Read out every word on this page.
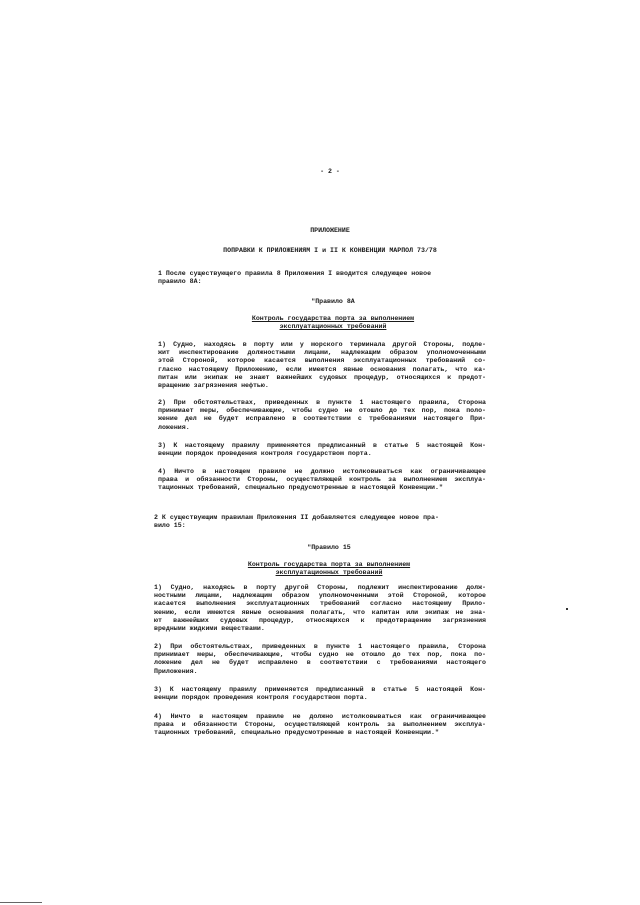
- 2 -
ПРИЛОЖЕНИЕ
ПОПРАВКИ К ПРИЛОЖЕНИЯМ I и II К КОНВЕНЦИИ МАРПОЛ 73/78
1 После существующего правила 8 Приложения I вводится следующее новое
правило 8А:
"Правило 8А
Контроль государства порта за выполнением
эксплуатационных требований
1) Судно, находясь в порту или у морского терминала другой Стороны, подле-
жит инспектированию должностными лицами, надлежащим образом уполномоченными
этой Стороной, которое касается выполнения эксплуатационных требований со-
гласно настоящему Приложению, если имеются явные основания полагать, что ка-
питан или экипаж не знают важнейших судовых процедур, относящихся к предот-
вращению загрязнения нефтью.
2) При обстоятельствах, приведенных в пункте 1 настоящего правила, Сторона
принимает меры, обеспечивающие, чтобы судно не отошло до тех пор, пока поло-
жение дел не будет исправлено в соответствии с требованиями настоящего При-
ложения.
3) К настоящему правилу применяется предписанный в статье 5 настоящей Кон-
венции порядок проведения контроля государством порта.
4) Ничто в настоящем правиле не должно истолковываться как ограничивающее
права и обязанности Стороны, осуществляющей контроль за выполнением эксплуа-
тационных требований, специально предусмотренные в настоящей Конвенции."
2 К существующим правилам Приложения II добавляется следующее новое пра-
вило 15:
"Правило 15
Контроль государства порта за выполнением
эксплуатационных требований
1) Судно, находясь в порту другой Стороны, подлежит инспектированию долж-
ностными лицами, надлежащим образом уполномоченными этой Стороной, которое
касается выполнения эксплуатационных требований согласно настоящему Прило-
жению, если имеются явные основания полагать, что капитан или экипаж не зна-
ют важнейших судовых процедур, относящихся к предотвращению загрязнения
вредными жидкими веществами.
2) При обстоятельствах, приведенных в пункте 1 настоящего правила, Сторона
принимает меры, обеспечивающие, чтобы судно не отошло до тех пор, пока по-
ложение дел не будет исправлено в соответствии с требованиями настоящего
Приложения.
3) К настоящему правилу применяется предписанный в статье 5 настоящей Кон-
венции порядок проведения контроля государством порта.
4) Ничто в настоящем правиле не должно истолковываться как ограничивающее
права и обязанности Стороны, осуществляющей контроль за выполнением эксплуа-
тационных требований, специально предусмотренные в настоящей Конвенции."
